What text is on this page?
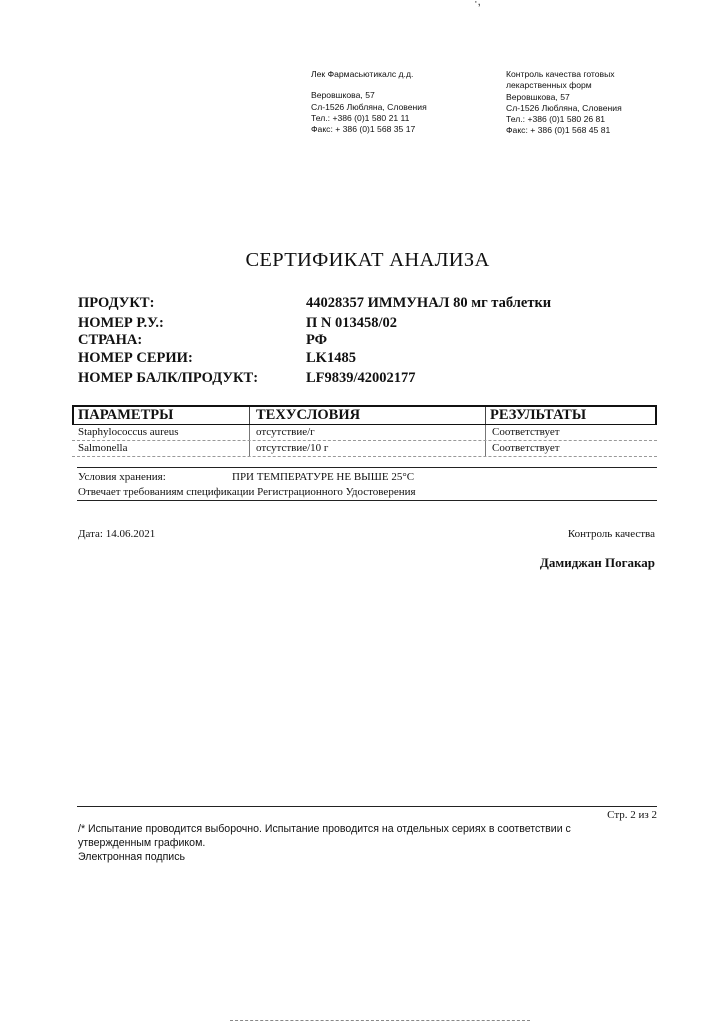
·,
Лек Фармасьютикалс д.д.
Веровшкова, 57
Сл-1526 Любляна, Словения
Тел.: +386 (0)1 580 21 11
Факс: + 386 (0)1 568 35 17
Контроль качества готовых
лекарственных форм
Веровшкова, 57
Сл-1526 Любляна, Словения
Тел.: +386 (0)1 580 26 81
Факс: + 386 (0)1 568 45 81
СЕРТИФИКАТ АНАЛИЗА
ПРОДУКТ:	44028357 ИММУНАЛ 80 мг таблетки
НОМЕР Р.У.:	П N 013458/02
СТРАНА:	РФ
НОМЕР СЕРИИ:	LK1485
НОМЕР БАЛК/ПРОДУКТ:	LF9839/42002177
ПАРАМЕТРЫ	ТЕХУСЛОВИЯ	РЕЗУЛЬТАТЫ
Staphylococcus aureus	отсутствие/г	Соответствует
Salmonella	отсутствие/10 г	Соответствует
Условия хранения:	ПРИ ТЕМПЕРАТУРЕ НЕ ВЫШЕ 25°C
Отвечает требованиям спецификации Регистрационного Удостоверения
Дата: 14.06.2021	Контроль качества
Дамиджан Погакар
Стр. 2 из 2
/* Испытание проводится выборочно. Испытание проводится на отдельных сериях в соответствии с
утвержденным графиком.
Электронная подпись
